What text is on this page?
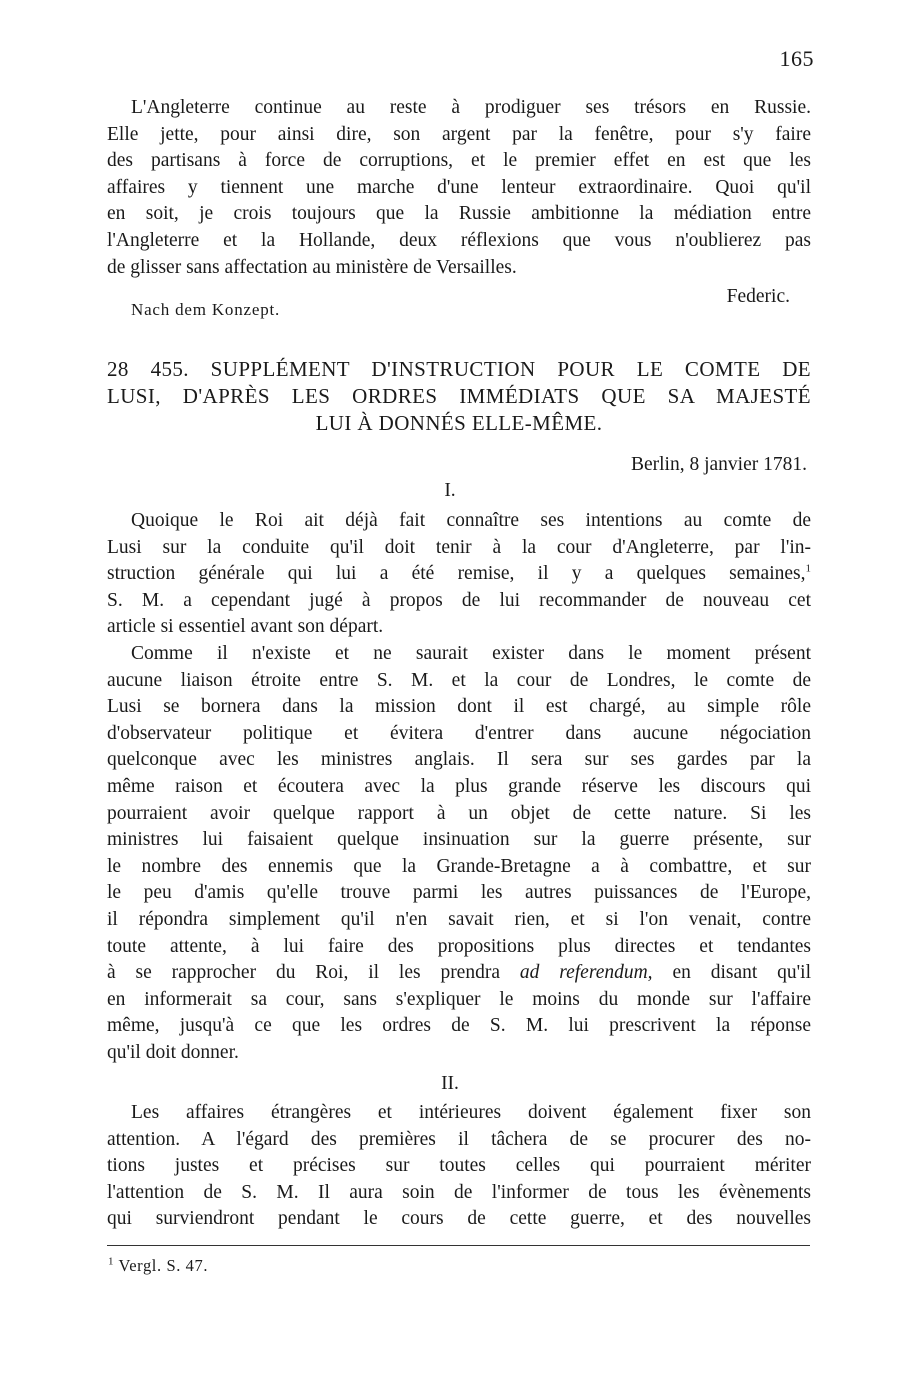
165
L'Angleterre continue au reste à prodiguer ses trésors en Russie.
Elle jette, pour ainsi dire, son argent par la fenêtre, pour s'y faire
des partisans à force de corruptions, et le premier effet en est que les
affaires y tiennent une marche d'une lenteur extraordinaire. Quoi qu'il
en soit, je crois toujours que la Russie ambitionne la médiation entre
l'Angleterre et la Hollande, deux réflexions que vous n'oublierez pas
de glisser sans affectation au ministère de Versailles.
Federic.
Nach dem Konzept.
28 455. SUPPLÉMENT D'INSTRUCTION POUR LE COMTE DE
LUSI, D'APRÈS LES ORDRES IMMÉDIATS QUE SA MAJESTÉ
LUI À DONNÉS ELLE-MÊME.
Berlin, 8 janvier 1781.
I.
Quoique le Roi ait déjà fait connaître ses intentions au comte de
Lusi sur la conduite qu'il doit tenir à la cour d'Angleterre, par l'in-
struction générale qui lui a été remise, il y a quelques semaines,$^1$
S. M. a cependant jugé à propos de lui recommander de nouveau cet
article si essentiel avant son départ.
Comme il n'existe et ne saurait exister dans le moment présent
aucune liaison étroite entre S. M. et la cour de Londres, le comte de
Lusi se bornera dans la mission dont il est chargé, au simple rôle
d'observateur politique et évitera d'entrer dans aucune négociation
quelconque avec les ministres anglais. Il sera sur ses gardes par la
même raison et écoutera avec la plus grande réserve les discours qui
pourraient avoir quelque rapport à un objet de cette nature. Si les
ministres lui faisaient quelque insinuation sur la guerre présente, sur
le nombre des ennemis que la Grande-Bretagne a à combattre, et sur
le peu d'amis qu'elle trouve parmi les autres puissances de l'Europe,
il répondra simplement qu'il n'en savait rien, et si l'on venait, contre
toute attente, à lui faire des propositions plus directes et tendantes
à se rapprocher du Roi, il les prendra ad referendum, en disant qu'il
en informerait sa cour, sans s'expliquer le moins du monde sur l'affaire
même, jusqu'à ce que les ordres de S. M. lui prescrivent la réponse
qu'il doit donner.
II.
Les affaires étrangères et intérieures doivent également fixer son
attention. A l'égard des premières il tâchera de se procurer des no-
tions justes et précises sur toutes celles qui pourraient mériter
l'attention de S. M. Il aura soin de l'informer de tous les évènements
qui surviendront pendant le cours de cette guerre, et des nouvelles
$^1$ Vergl. S. 47.
